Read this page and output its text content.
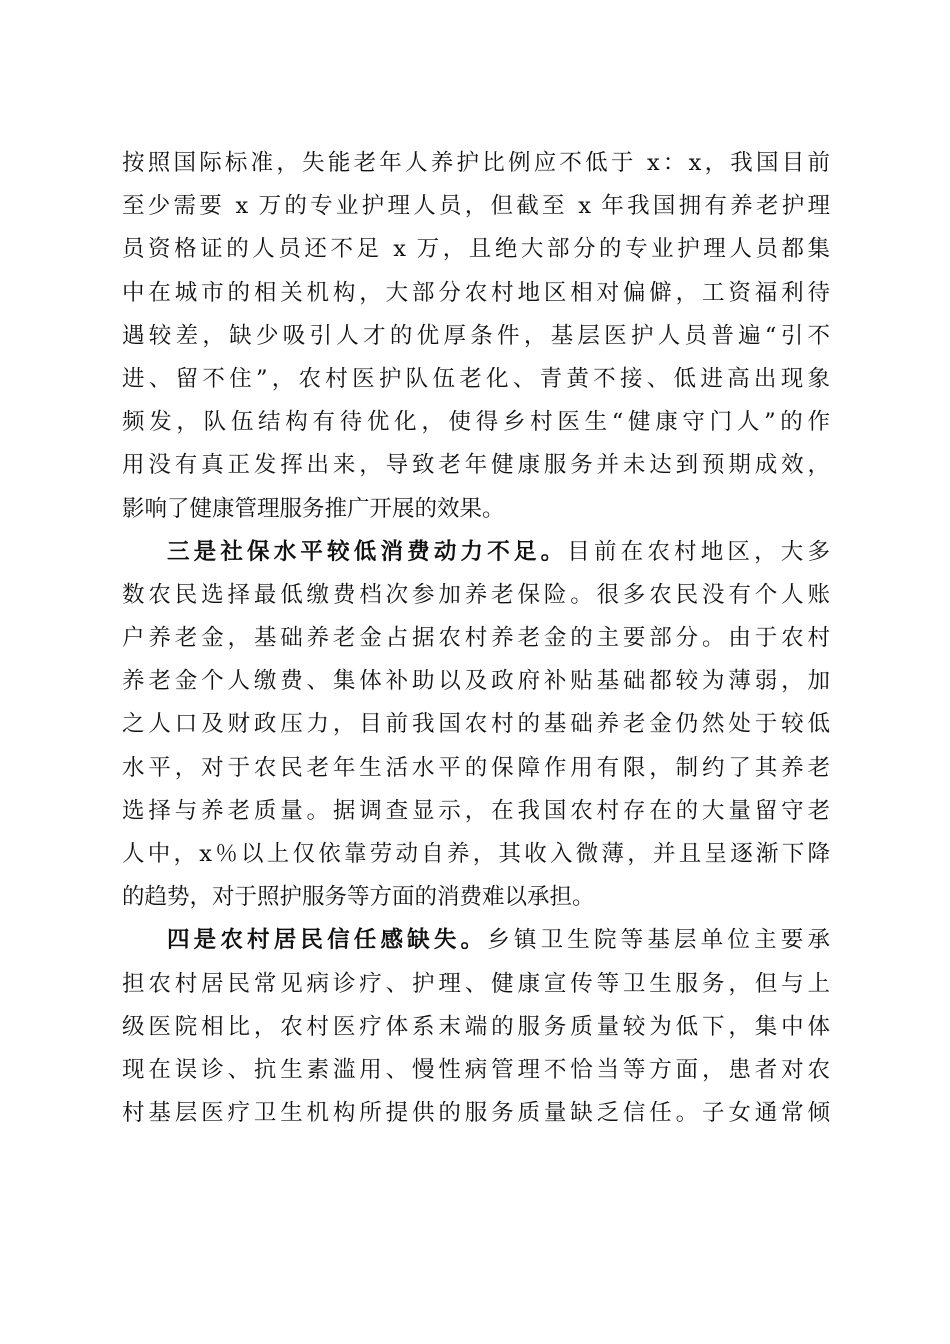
按照国际标准，失能老年人养护比例应不低于 x：x，我国目前
至少需要 x 万的专业护理人员，但截至 x 年我国拥有养老护理
员资格证的人员还不足 x 万，且绝大部分的专业护理人员都集
中在城市的相关机构，大部分农村地区相对偏僻，工资福利待
遇较差，缺少吸引人才的优厚条件，基层医护人员普遍“引不
进、留不住”，农村医护队伍老化、青黄不接、低进高出现象
频发，队伍结构有待优化，使得乡村医生“健康守门人”的作
用没有真正发挥出来，导致老年健康服务并未达到预期成效，
影响了健康管理服务推广开展的效果。
三是社保水平较低消费动力不足。目前在农村地区，大多
数农民选择最低缴费档次参加养老保险。很多农民没有个人账
户养老金，基础养老金占据农村养老金的主要部分。由于农村
养老金个人缴费、集体补助以及政府补贴基础都较为薄弱，加
之人口及财政压力，目前我国农村的基础养老金仍然处于较低
水平，对于农民老年生活水平的保障作用有限，制约了其养老
选择与养老质量。据调查显示，在我国农村存在的大量留守老
人中，x％以上仅依靠劳动自养，其收入微薄，并且呈逐渐下降
的趋势，对于照护服务等方面的消费难以承担。
四是农村居民信任感缺失。乡镇卫生院等基层单位主要承
担农村居民常见病诊疗、护理、健康宣传等卫生服务，但与上
级医院相比，农村医疗体系末端的服务质量较为低下，集中体
现在误诊、抗生素滥用、慢性病管理不恰当等方面，患者对农
村基层医疗卫生机构所提供的服务质量缺乏信任。子女通常倾
